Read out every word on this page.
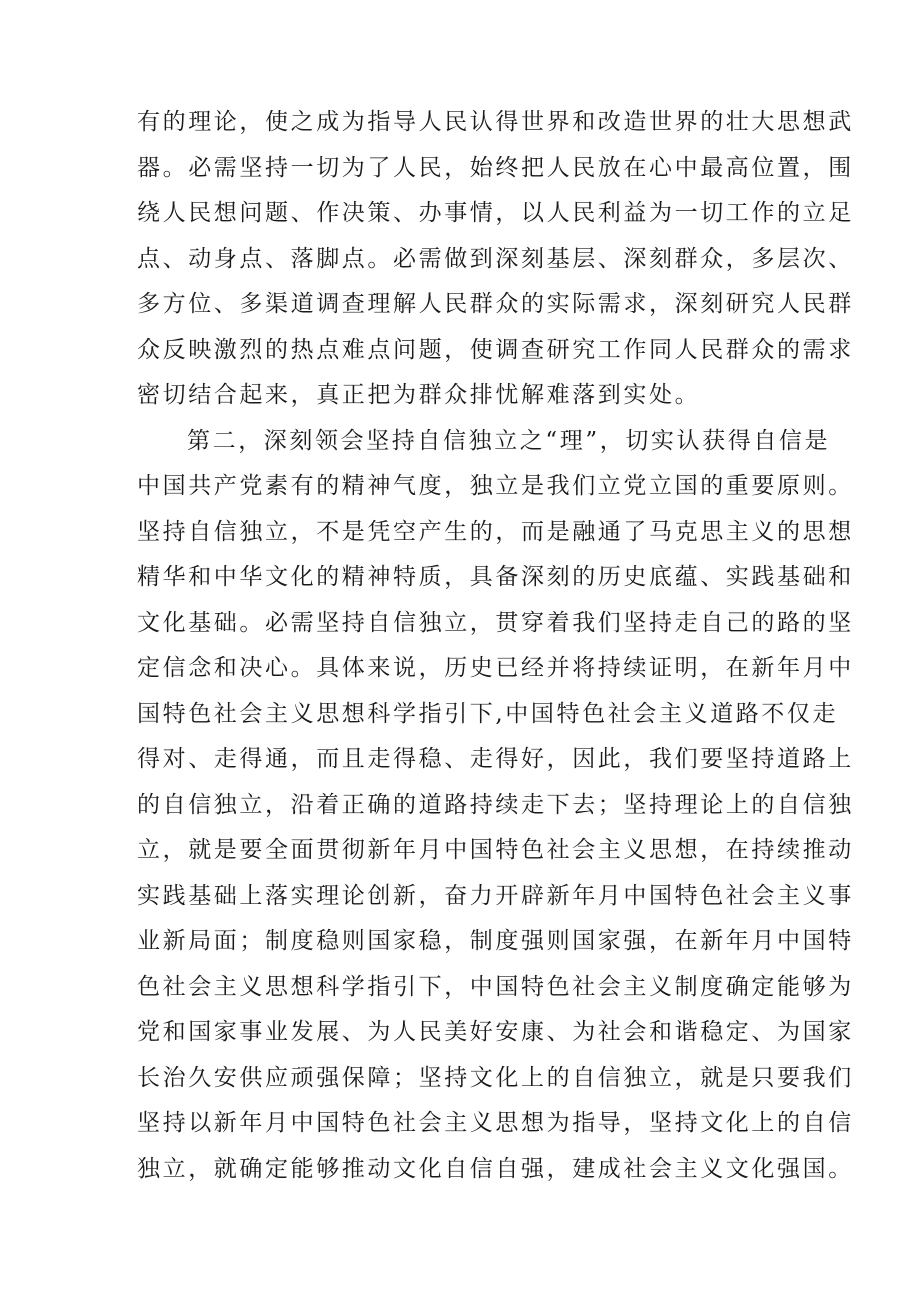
有的理论，使之成为指导人民认得世界和改造世界的壮大思想武
器。必需坚持一切为了人民，始终把人民放在心中最高位置，围
绕人民想问题、作决策、办事情，以人民利益为一切工作的立足
点、动身点、落脚点。必需做到深刻基层、深刻群众，多层次、
多方位、多渠道调查理解人民群众的实际需求，深刻研究人民群
众反映激烈的热点难点问题，使调查研究工作同人民群众的需求
密切结合起来，真正把为群众排忧解难落到实处。
第二，深刻领会坚持自信独立之“理”，切实认获得自信是
中国共产党素有的精神气度，独立是我们立党立国的重要原则。
坚持自信独立，不是凭空产生的，而是融通了马克思主义的思想
精华和中华文化的精神特质，具备深刻的历史底蕴、实践基础和
文化基础。必需坚持自信独立，贯穿着我们坚持走自己的路的坚
定信念和决心。具体来说，历史已经并将持续证明，在新年月中
国特色社会主义思想科学指引下,中国特色社会主义道路不仅走
得对、走得通，而且走得稳、走得好，因此，我们要坚持道路上
的自信独立，沿着正确的道路持续走下去；坚持理论上的自信独
立，就是要全面贯彻新年月中国特色社会主义思想，在持续推动
实践基础上落实理论创新，奋力开辟新年月中国特色社会主义事
业新局面；制度稳则国家稳，制度强则国家强，在新年月中国特
色社会主义思想科学指引下，中国特色社会主义制度确定能够为
党和国家事业发展、为人民美好安康、为社会和谐稳定、为国家
长治久安供应顽强保障；坚持文化上的自信独立，就是只要我们
坚持以新年月中国特色社会主义思想为指导，坚持文化上的自信
独立，就确定能够推动文化自信自强，建成社会主义文化强国。
